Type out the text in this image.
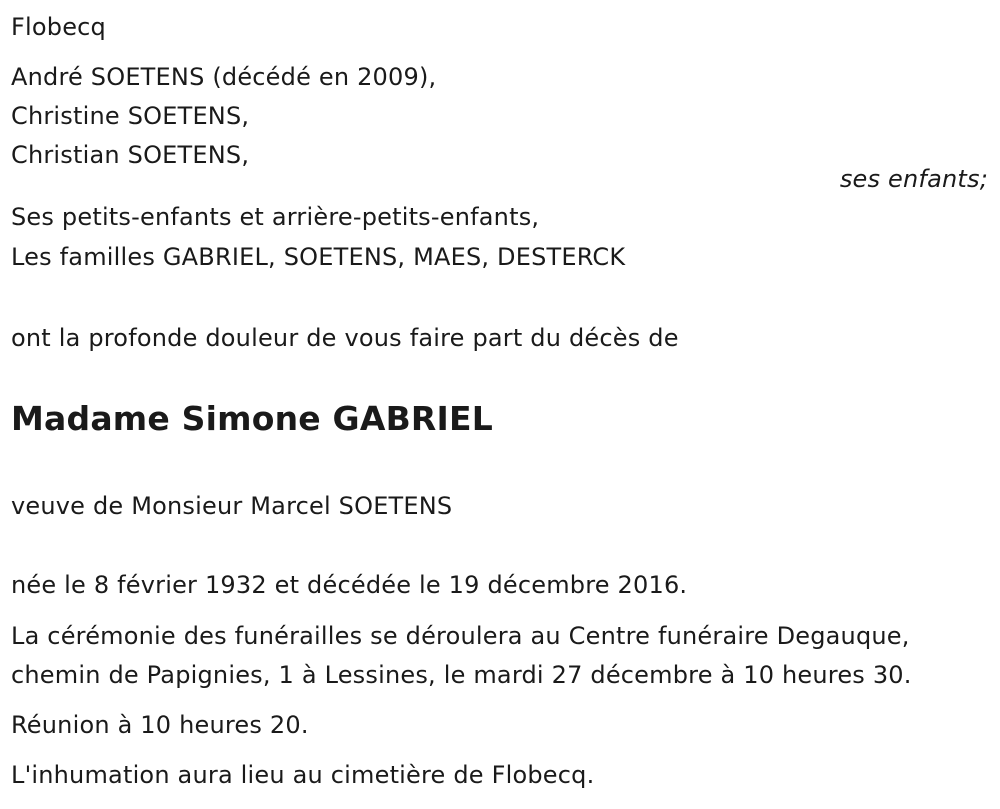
Flobecq
André SOETENS (décédé en 2009),
Christine SOETENS,
Christian SOETENS,
ses enfants;
Ses petits-enfants et arrière-petits-enfants,
Les familles GABRIEL, SOETENS, MAES, DESTERCK
ont la profonde douleur de vous faire part du décès de
Madame Simone GABRIEL
veuve de Monsieur Marcel SOETENS
née le 8 février 1932 et décédée le 19 décembre 2016.
La cérémonie des funérailles se déroulera au Centre funéraire Degauque,
chemin de Papignies, 1 à Lessines, le mardi 27 décembre à 10 heures 30.
Réunion à 10 heures 20.
L'inhumation aura lieu au cimetière de Flobecq.
